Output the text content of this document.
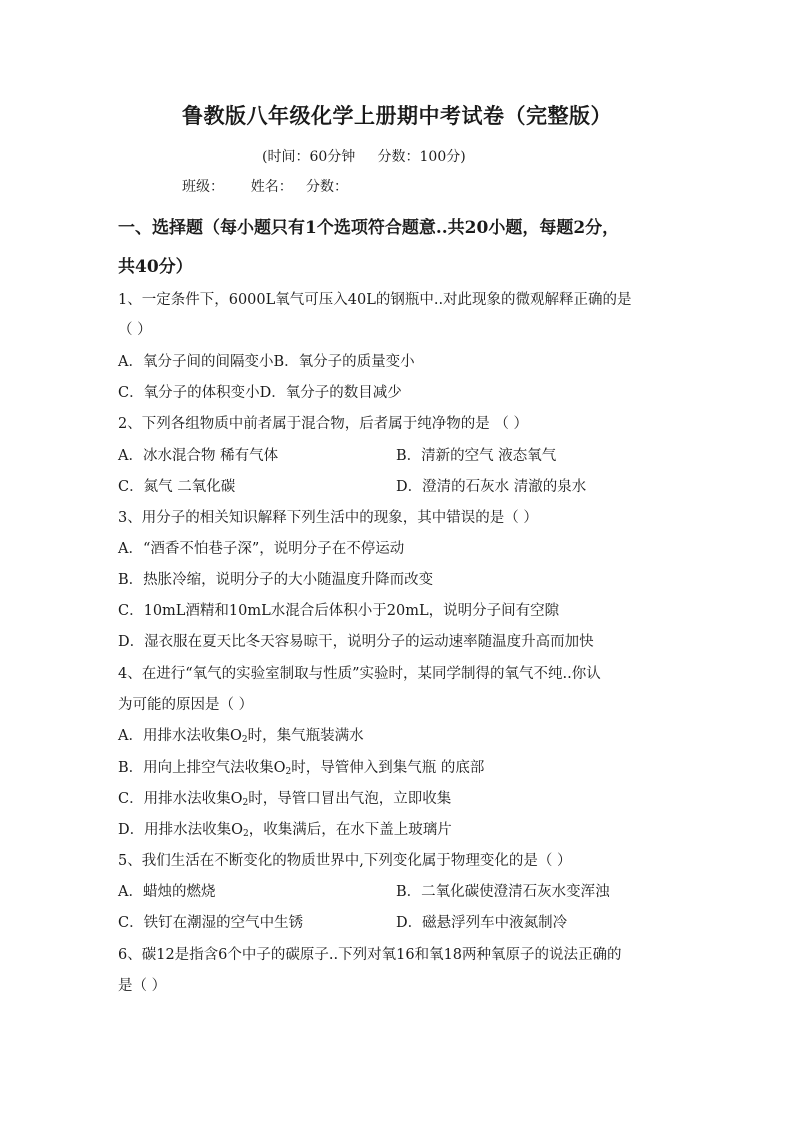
鲁教版八年级化学上册期中考试卷（完整版）
(时间：60分钟     分数：100分)
班级：      姓名：   分数：
一、选择题（每小题只有1个选项符合题意..共20小题，每题2分，
共40分）
1、一定条件下，6000L氧气可压入40L的钢瓶中..对此现象的微观解释正确的是
（ ）
A．氧分子间的间隔变小B．氧分子的质量变小
C．氧分子的体积变小D．氧分子的数目减少
2、下列各组物质中前者属于混合物，后者属于纯净物的是 （ ）
A．冰水混合物 稀有气体	B．清新的空气 液态氧气
C．氮气 二氧化碳	D．澄清的石灰水 清澈的泉水
3、用分子的相关知识解释下列生活中的现象，其中错误的是（ ）
A．“酒香不怕巷子深”，说明分子在不停运动
B．热胀冷缩，说明分子的大小随温度升降而改变
C．10mL酒精和10mL水混合后体积小于20mL，说明分子间有空隙
D．湿衣服在夏天比冬天容易晾干，说明分子的运动速率随温度升高而加快
4、在进行“氧气的实验室制取与性质”实验时，某同学制得的氧气不纯..你认
为可能的原因是（ ）
A．用排水法收集$O_2$时，集气瓶装满水
B．用向上排空气法收集$O_2$时，导管伸入到集气瓶 的底部
C．用排水法收集$O_2$时，导管口冒出气泡，立即收集
D．用排水法收集$O_2$，收集满后，在水下盖上玻璃片
5、我们生活在不断变化的物质世界中,下列变化属于物理变化的是（ ）
A．蜡烛的燃烧	B．二氧化碳使澄清石灰水变浑浊
C．铁钉在潮湿的空气中生锈	D．磁悬浮列车中液氮制冷
6、碳12是指含6个中子的碳原子..下列对氧16和氧18两种氧原子的说法正确的
是（ ）
